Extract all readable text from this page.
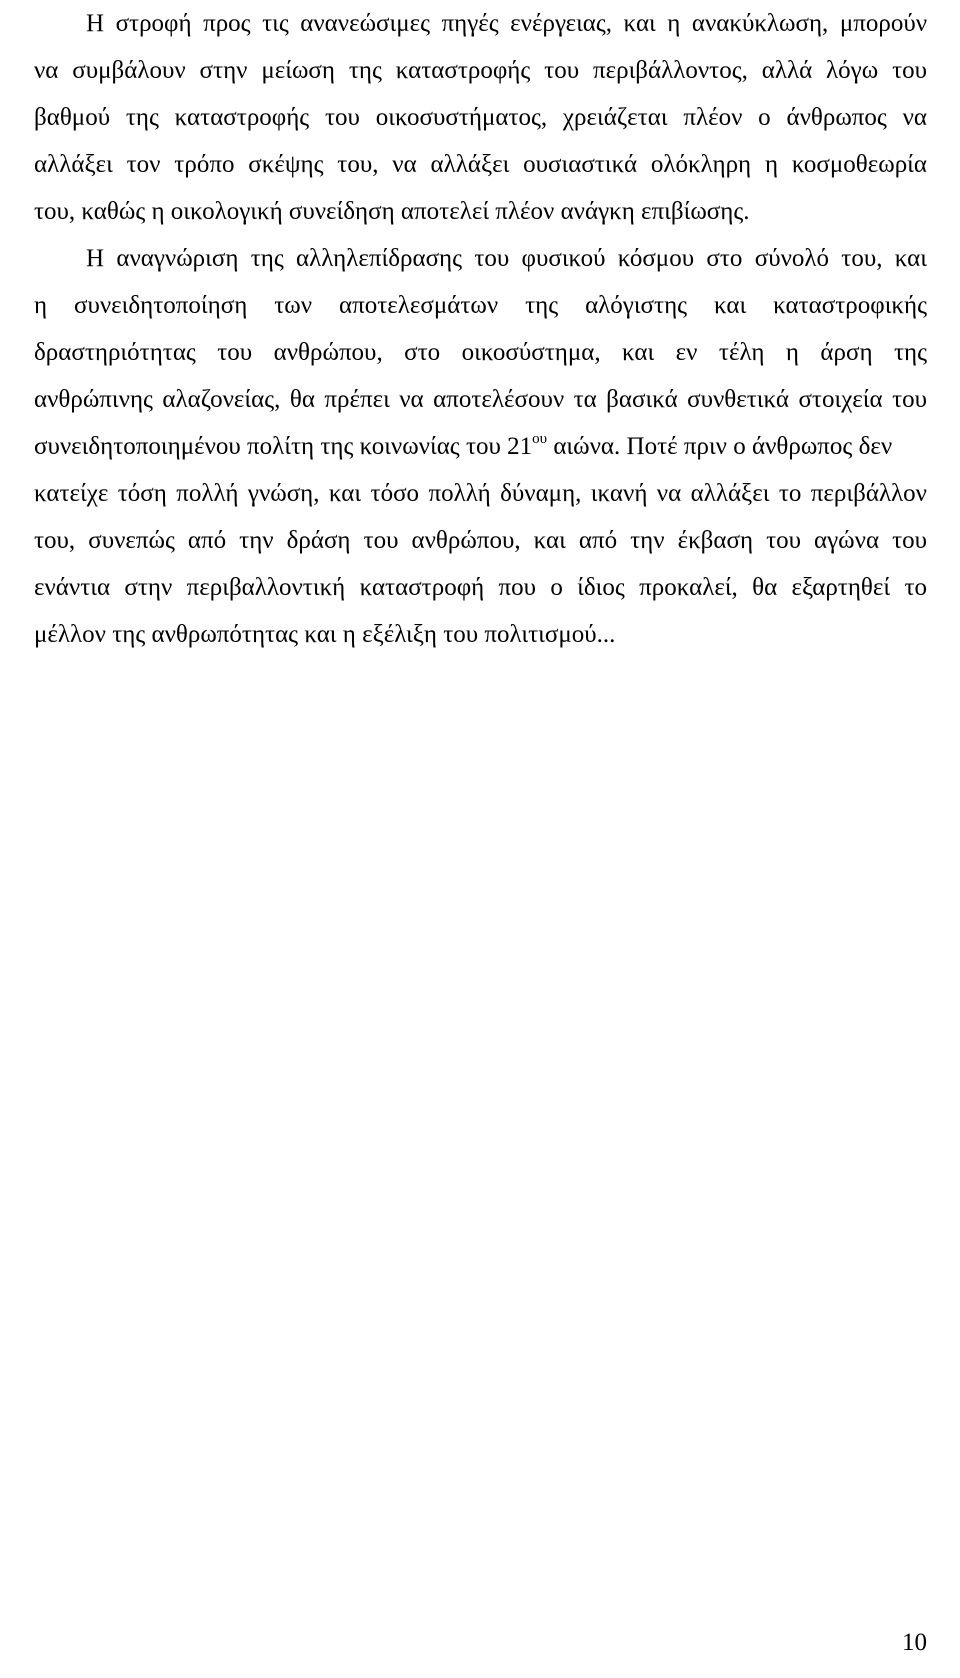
Η στροφή προς τις ανανεώσιμες πηγές ενέργειας, και η ανακύκλωση, μπορούν
να συμβάλουν στην μείωση της καταστροφής του περιβάλλοντος, αλλά λόγω του
βαθμού της καταστροφής του οικοσυστήματος, χρειάζεται πλέον ο άνθρωπος να
αλλάξει τον τρόπο σκέψης του, να αλλάξει ουσιαστικά ολόκληρη η κοσμοθεωρία
του, καθώς η οικολογική συνείδηση αποτελεί πλέον ανάγκη επιβίωσης.
Η αναγνώριση της αλληλεπίδρασης του φυσικού κόσμου στο σύνολό του, και
η συνειδητοποίηση των αποτελεσμάτων της αλόγιστης και καταστροφικής
δραστηριότητας του ανθρώπου, στο οικοσύστημα, και εν τέλη η άρση της
ανθρώπινης αλαζονείας, θα πρέπει να αποτελέσουν τα βασικά συνθετικά στοιχεία του
συνειδητοποιημένου πολίτη της κοινωνίας του $21^{o\upsilon}$ αιώνα. Ποτέ πριν ο άνθρωπος δεν
κατείχε τόση πολλή γνώση, και τόσο πολλή δύναμη, ικανή να αλλάξει το περιβάλλον
του, συνεπώς από την δράση του ανθρώπου, και από την έκβαση του αγώνα του
ενάντια στην περιβαλλοντική καταστροφή που ο ίδιος προκαλεί, θα εξαρτηθεί το
μέλλον της ανθρωπότητας και η εξέλιξη του πολιτισμού...
10
